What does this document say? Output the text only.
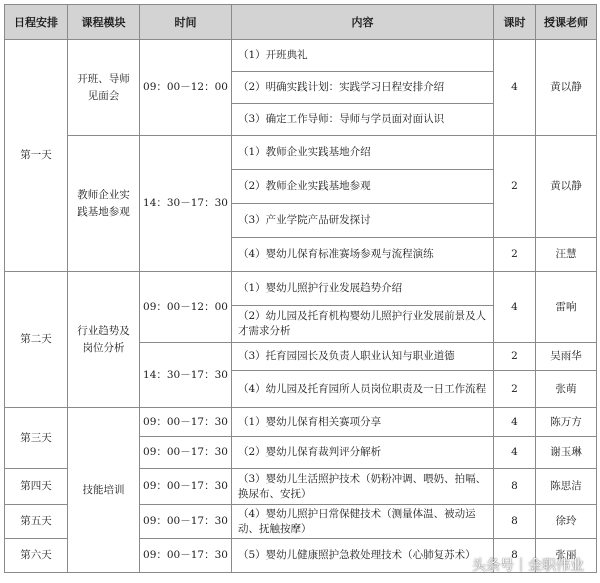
日程安排	课程模块	时间	内容	课时	授课老师
第一天	开班、导师见面会	09：00－12：00	（1）开班典礼	4	黄以静
			（2）明确实践计划：实践学习日程安排介绍		
			（3）确定工作导师：导师与学员面对面认识		
	教师企业实践基地参观	14：30－17：30	（1）教师企业实践基地介绍	2	黄以静
			（2）教师企业实践基地参观		
			（3）产业学院产品研发探讨		
			（4）婴幼儿保育标准赛场参观与流程演练	2	汪慧
第二天	行业趋势及岗位分析	09：00－12：00	（1）婴幼儿照护行业发展趋势介绍	4	雷响
			（2）幼儿园及托育机构婴幼儿照护行业发展前景及人才需求分析		
		14：30－17：30	（3）托育园园长及负责人职业认知与职业道德	2	吴雨华
			（4）幼儿园及托育园所人员岗位职责及一日工作流程	2	张萌
第三天	技能培训	09：00－17：30	（1）婴幼儿保育相关赛项分享	4	陈万方
		09：00－17：30	（2）婴幼儿保育裁判评分解析	4	谢玉琳
第四天		09：00－17：30	（3）婴幼儿生活照护技术（奶粉冲调、喂奶、拍嗝、换尿布、安抚）	8	陈思洁
第五天		09：00－17：30	（4）婴幼儿照护日常保健技术（测量体温、被动运动、抚触按摩）	8	徐玲
第六天		09：00－17：30	（5）婴幼儿健康照护急救处理技术（心肺复苏术）	8	张丽
头条号｜金职伟业
